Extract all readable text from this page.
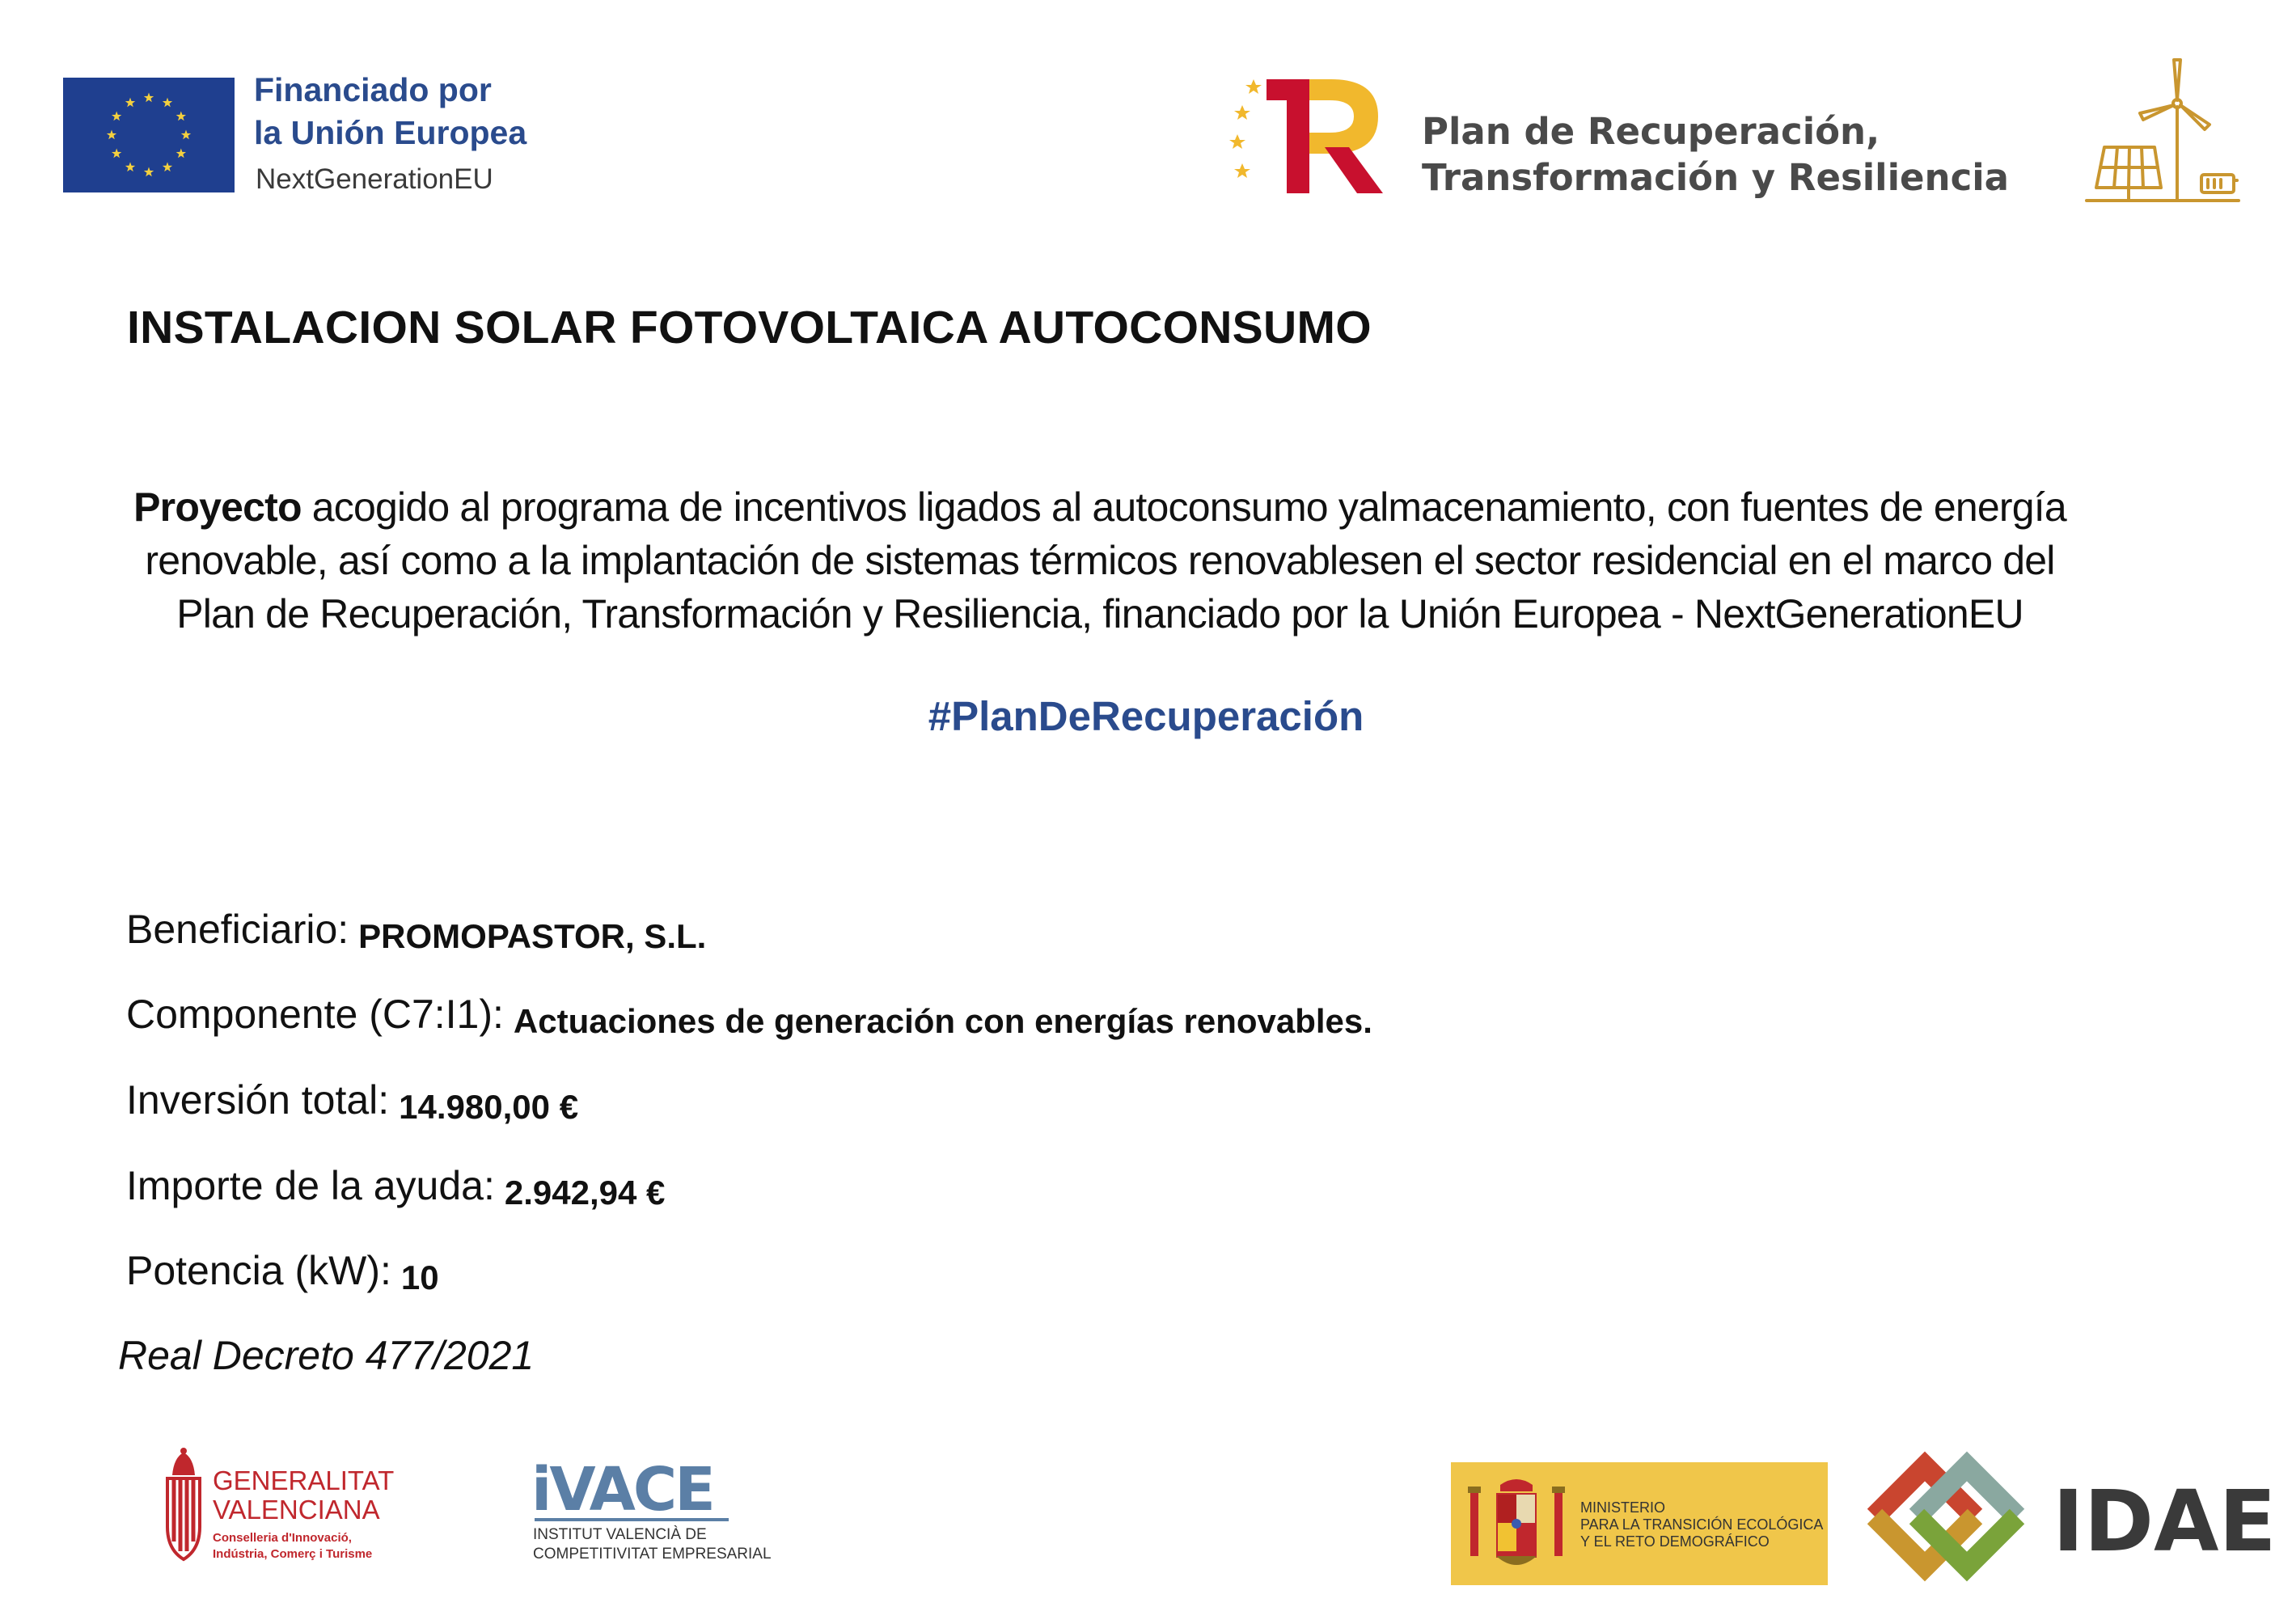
Financiado por
la Unión Europea
NextGenerationEU
Plan de Recuperación,
Transformación y Resiliencia
INSTALACION SOLAR FOTOVOLTAICA AUTOCONSUMO
Proyecto acogido al programa de incentivos ligados al autoconsumo yalmacenamiento, con fuentes de energía
renovable, así como a la implantación de sistemas térmicos renovablesen el sector residencial en el marco del
Plan de Recuperación, Transformación y Resiliencia, financiado por la Unión Europea - NextGenerationEU
#PlanDeRecuperación
Beneficiario: PROMOPASTOR, S.L.
Componente (C7:I1): Actuaciones de generación con energías renovables.
Inversión total: 14.980,00 €
Importe de la ayuda: 2.942,94 €
Potencia (kW): 10
Real Decreto 477/2021
GENERALITAT
VALENCIANA
Conselleria d'Innovació,
Indústria, Comerç i Turisme
iVACE
INSTITUT VALENCIÀ DE
COMPETITIVITAT EMPRESARIAL
MINISTERIO
PARA LA TRANSICIÓN ECOLÓGICA
Y EL RETO DEMOGRÁFICO	IDAE
